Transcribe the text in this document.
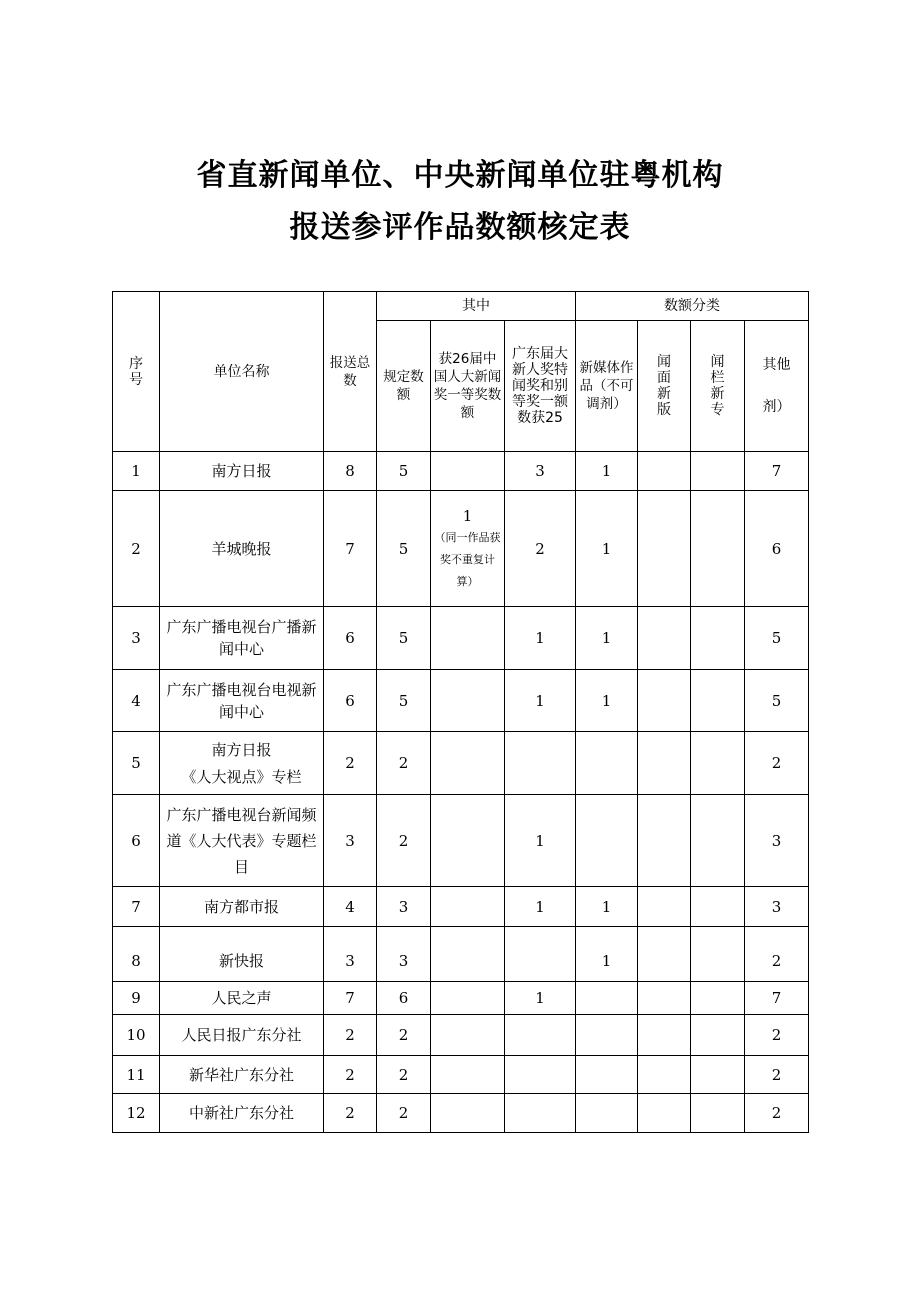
省直新闻单位、中央新闻单位驻粤机构
报送参评作品数额核定表
序号	单位名称	报送总数	其中			数额分类			

			规定数额	获26届中国人大新闻奖一等奖数额	广东届大新人奖特闻奖和别等奖一额数获25	新媒体作品（不可调剂）	闻面新版	闻栏新专	其他
剂）

1	南方日报	8	5		3	1			7
2	羊城晚报	7	5	1
（同一作品获奖不重复计算）	2	1			6
3	广东广播电视台广播新闻中心	6	5		1	1			5
4	广东广播电视台电视新闻中心	6	5		1	1			5
5	南方日报
《人大视点》专栏	2	2						2
6	广东广播电视台新闻频道《人大代表》专题栏目	3	2		1				3
7	南方都市报	4	3		1	1			3
8	新快报	3	3			1			2
9	人民之声	7	6		1				7
10	人民日报广东分社	2	2						2
11	新华社广东分社	2	2						2
12	中新社广东分社	2	2						2
